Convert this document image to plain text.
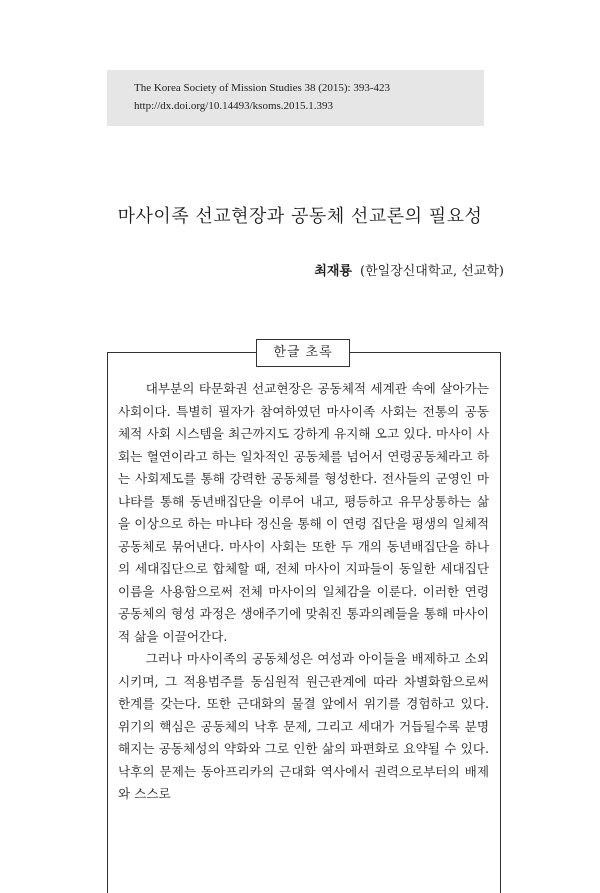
The Korea Society of Mission Studies 38 (2015): 393-423
http://dx.doi.org/10.14493/ksoms.2015.1.393
마사이족 선교현장과 공동체 선교론의 필요성
최재룡 (한일장신대학교, 선교학)
한글 초록

대부분의 타문화권 선교현장은 공동체적 세계관 속에 살아가는 사회이다. 특별히 필자가 참여하였던 마사이족 사회는 전통의 공동체적 사회 시스템을 최근까지도 강하게 유지해 오고 있다. 마사이 사회는 혈연이라고 하는 일차적인 공동체를 넘어서 연령공동체라고 하는 사회제도를 통해 강력한 공동체를 형성한다. 전사들의 군영인 마냐타를 통해 동년배집단을 이루어 내고, 평등하고 유무상통하는 삶을 이상으로 하는 마냐타 정신을 통해 이 연령 집단을 평생의 일체적 공동체로 묶어낸다. 마사이 사회는 또한 두 개의 동년배집단을 하나의 세대집단으로 합체할 때, 전체 마사이 지파들이 동일한 세대집단 이름을 사용함으로써 전체 마사이의 일체감을 이룬다. 이러한 연령공동체의 형성 과정은 생애주기에 맞춰진 통과의례들을 통해 마사이적 삶을 이끌어간다.

그러나 마사이족의 공동체성은 여성과 아이들을 배제하고 소외시키며, 그 적용범주를 동심원적 원근관계에 따라 차별화함으로써 한계를 갖는다. 또한 근대화의 물결 앞에서 위기를 경험하고 있다. 위기의 핵심은 공동체의 낙후 문제, 그리고 세대가 거듭될수록 분명해지는 공동체성의 약화와 그로 인한 삶의 파편화로 요약될 수 있다. 낙후의 문제는 동아프리카의 근대화 역사에서 권력으로부터의 배제와 스스로
